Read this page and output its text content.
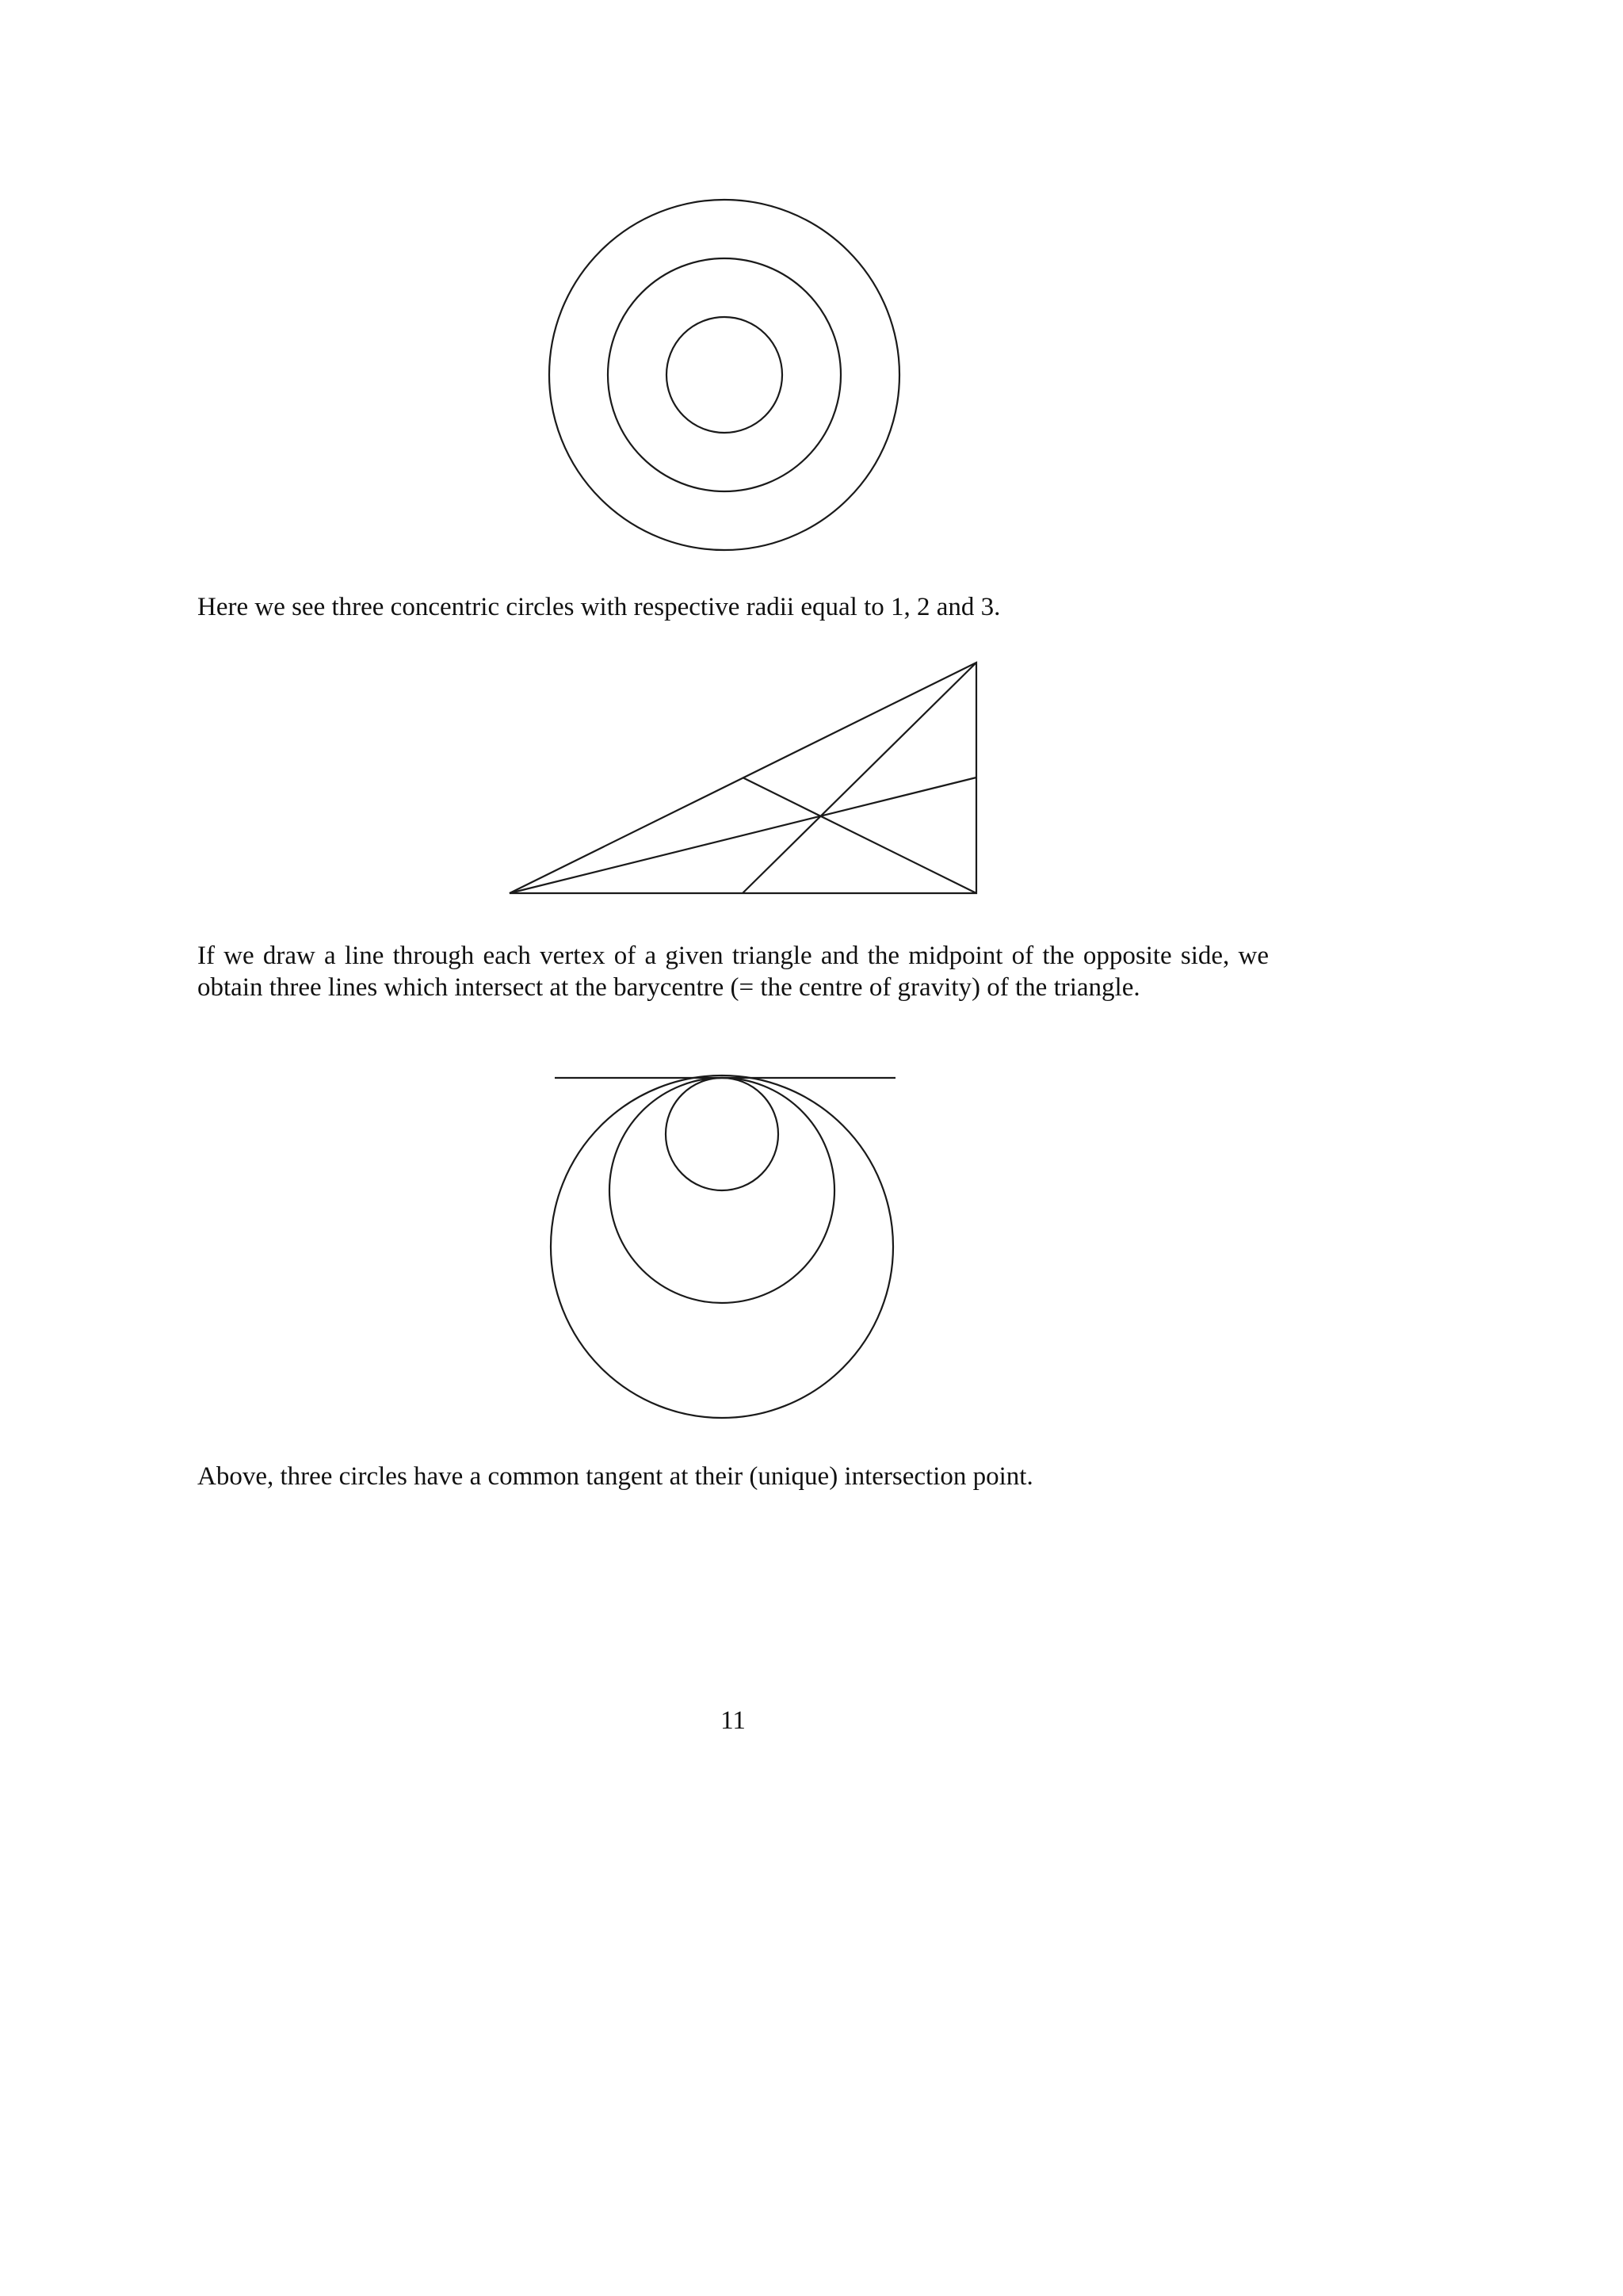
Here we see three concentric circles with respective radii equal to 1, 2 and 3.

If we draw a line through each vertex of a given triangle and the midpoint of the opposite side, we obtain three lines which intersect at the barycentre (= the centre of gravity) of the triangle.

Above, three circles have a common tangent at their (unique) intersection point.

11
